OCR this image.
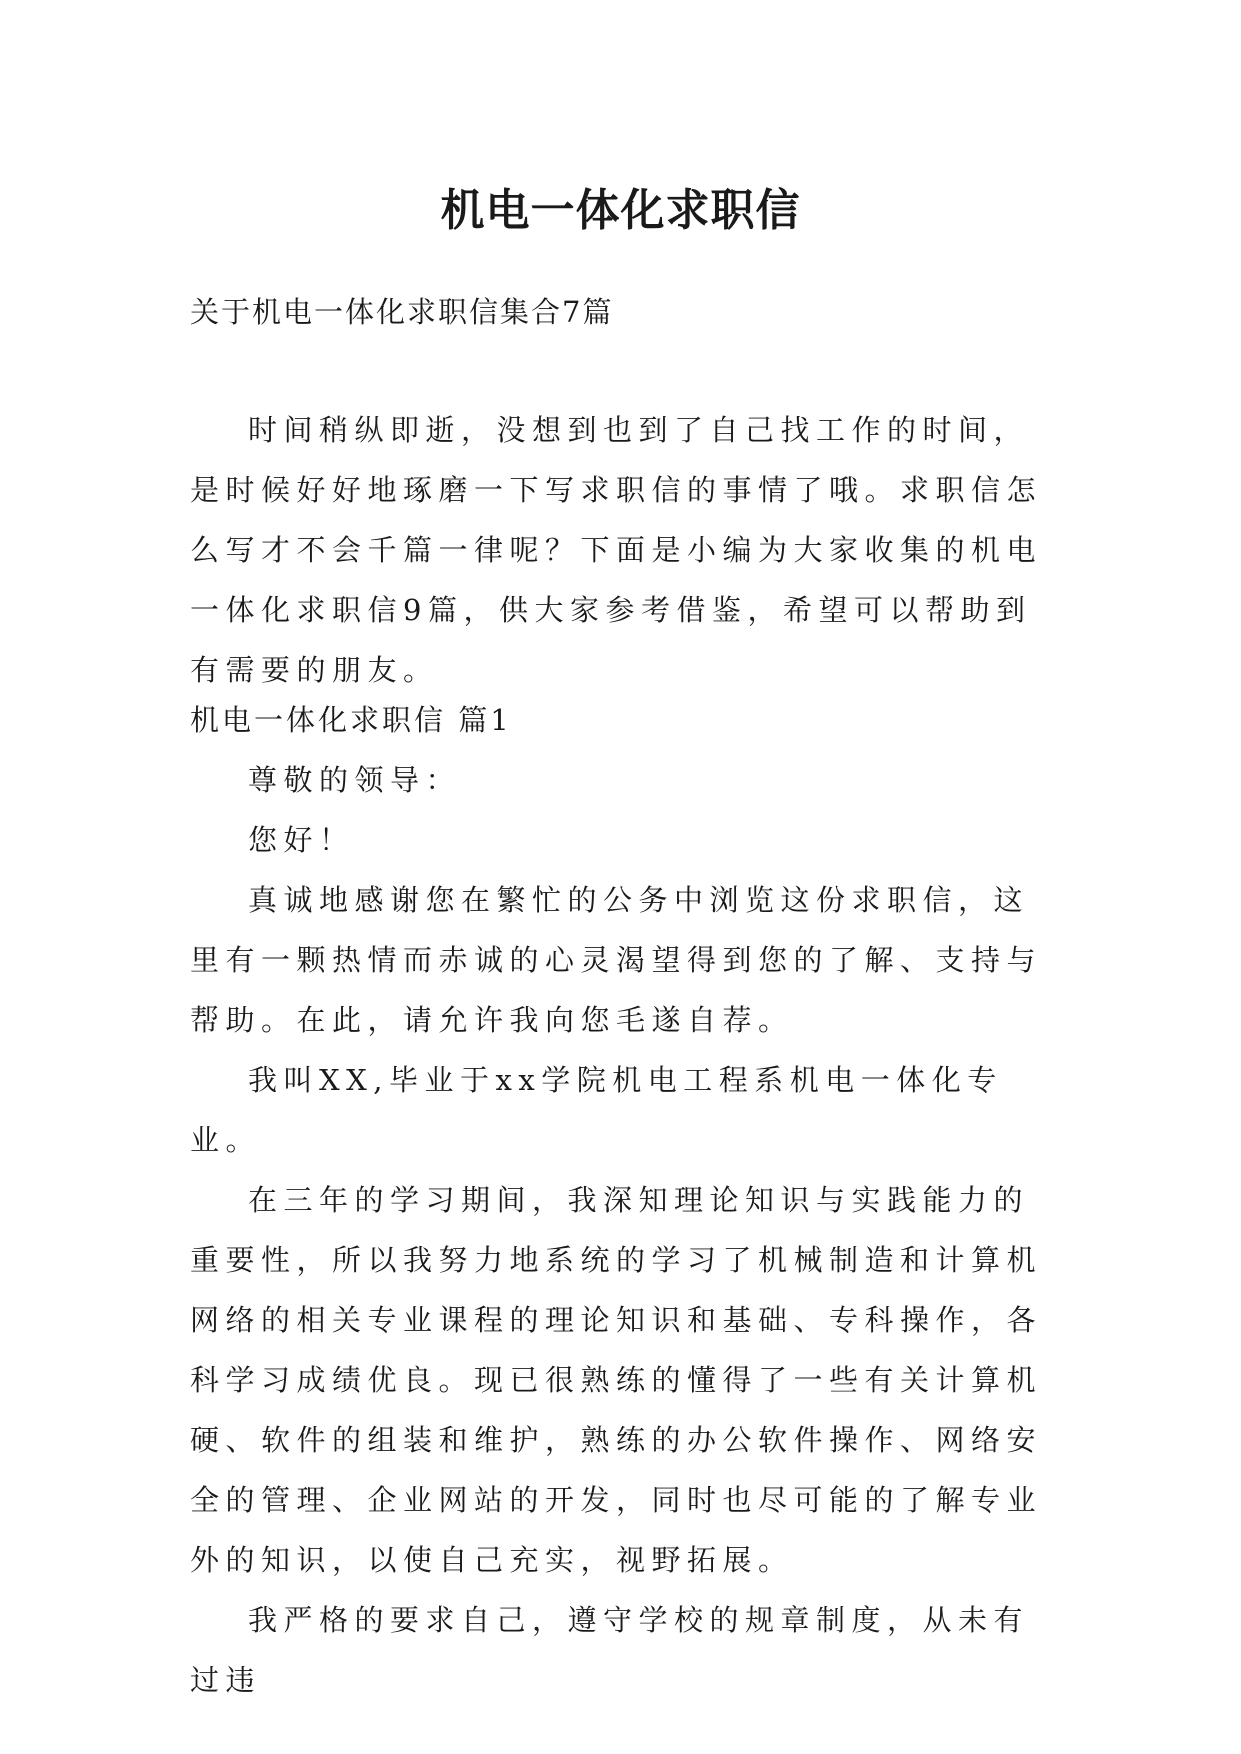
机电一体化求职信
关于机电一体化求职信集合7篇

时间稍纵即逝，没想到也到了自己找工作的时间，是时候好好地琢磨一下写求职信的事情了哦。求职信怎么写才不会千篇一律呢？下面是小编为大家收集的机电一体化求职信9篇，供大家参考借鉴，希望可以帮助到有需要的朋友。

机电一体化求职信 篇1

尊敬的领导：

您好！

真诚地感谢您在繁忙的公务中浏览这份求职信，这里有一颗热情而赤诚的心灵渴望得到您的了解、支持与帮助。在此，请允许我向您毛遂自荐。

我叫XX,毕业于xx学院机电工程系机电一体化专业。

在三年的学习期间，我深知理论知识与实践能力的重要性，所以我努力地系统的学习了机械制造和计算机网络的相关专业课程的理论知识和基础、专科操作，各科学习成绩优良。现已很熟练的懂得了一些有关计算机硬、软件的组装和维护，熟练的办公软件操作、网络安全的管理、企业网站的开发，同时也尽可能的了解专业外的知识，以使自己充实，视野拓展。

我严格的要求自己，遵守学校的规章制度，从未有过违
